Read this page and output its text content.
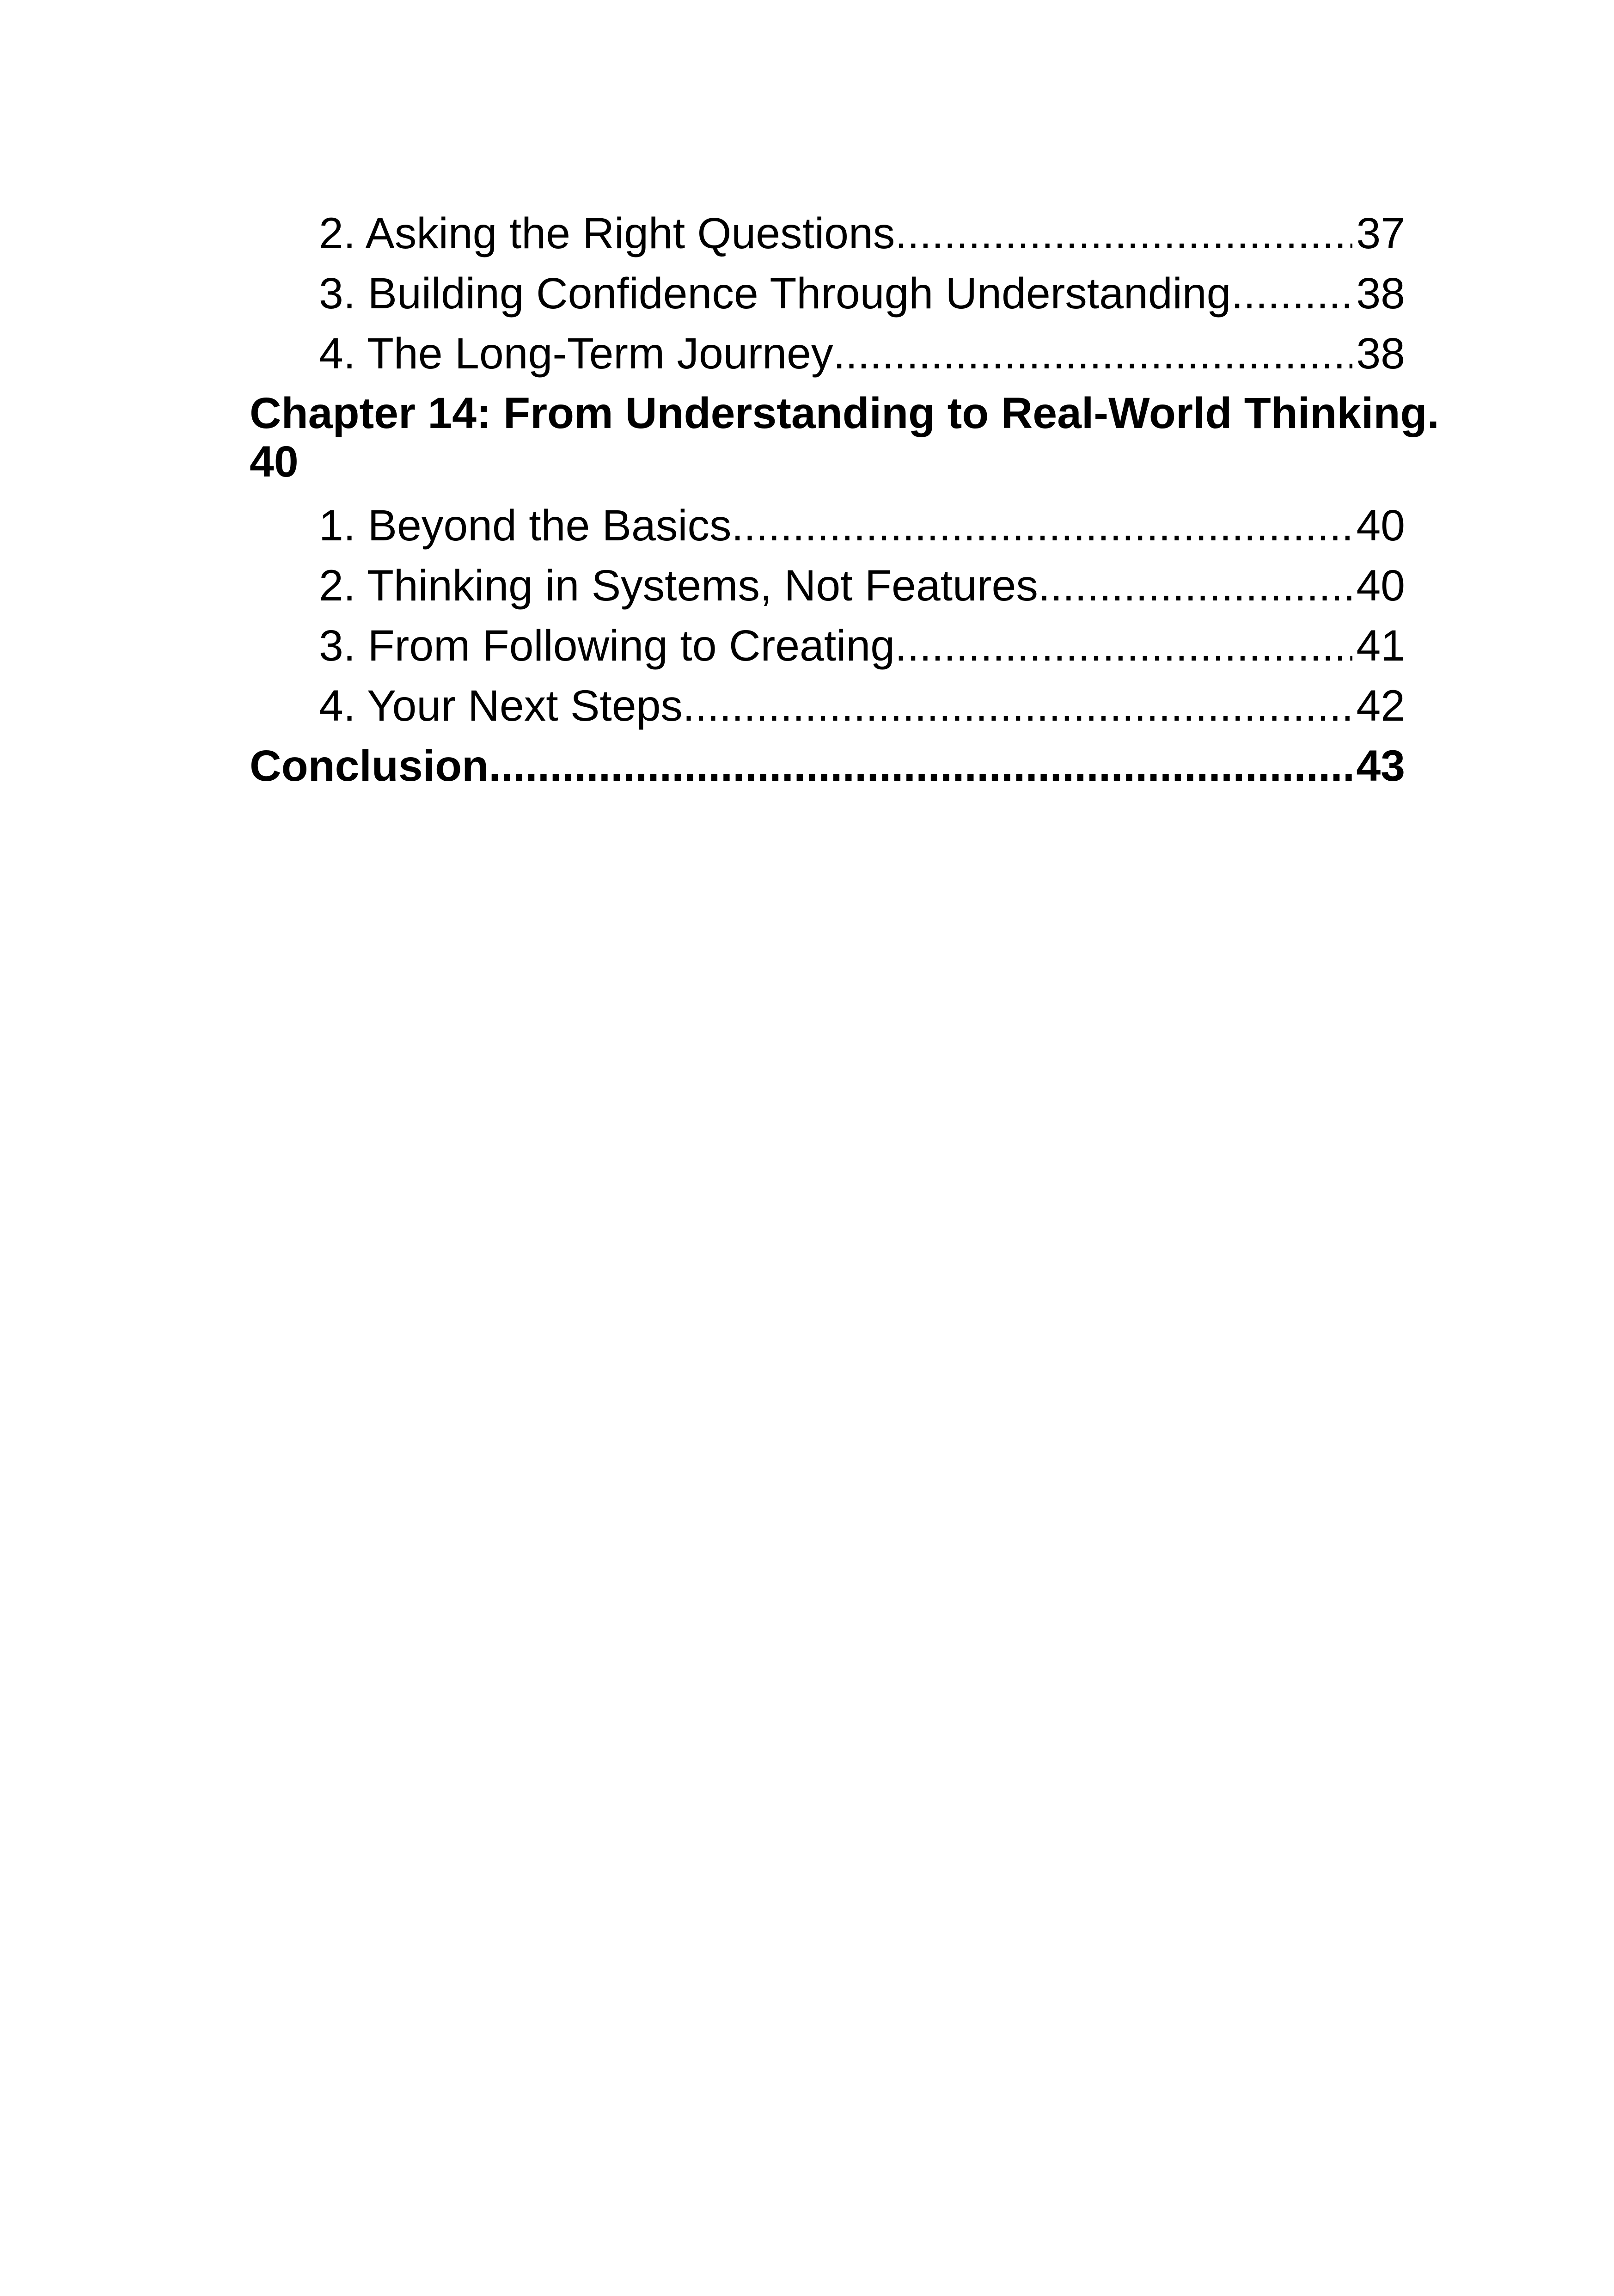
2. Asking the Right Questions .....	37
3. Building Confidence Through Understanding .....	38
4. The Long-Term Journey .....	38
Chapter 14: From Understanding to Real-World Thinking.
40
1. Beyond the Basics .....	40
2. Thinking in Systems, Not Features .....	40
3. From Following to Creating .....	41
4. Your Next Steps .....	42
Conclusion .....	43
